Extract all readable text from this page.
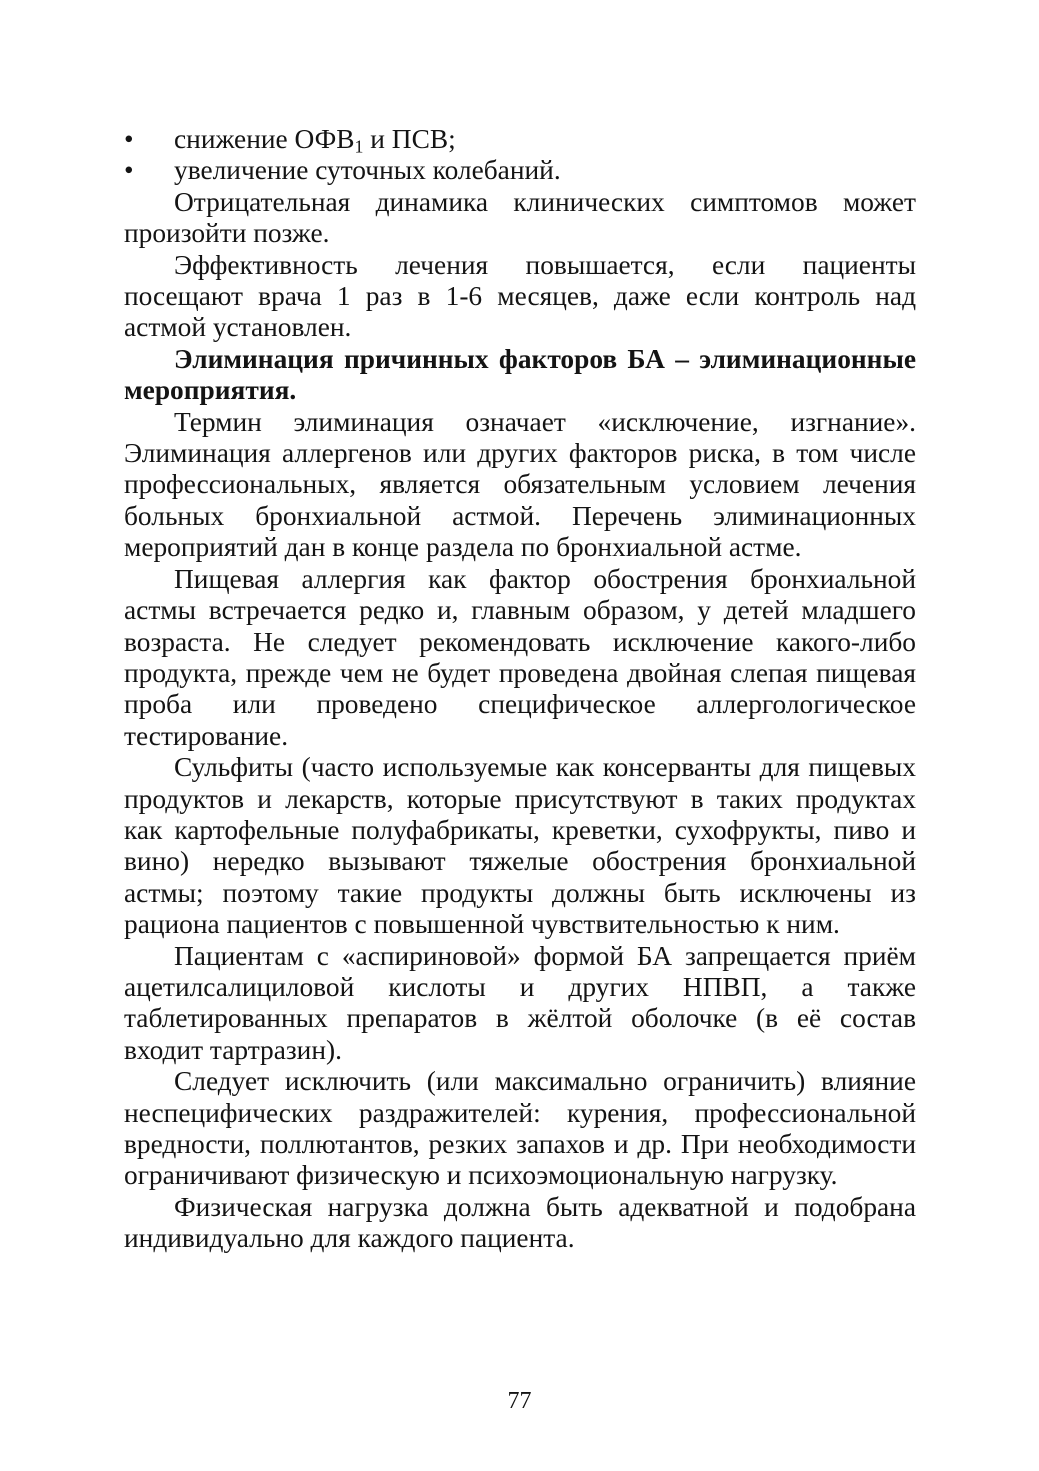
• снижение $ОФВ_1$ и ПСВ;
• увеличение суточных колебаний.

Отрицательная динамика клинических симптомов может произойти позже.

Эффективность лечения повышается, если пациенты посещают врача 1 раз в 1-6 месяцев, даже если контроль над астмой установлен.

Элиминация причинных факторов БА – элиминационные мероприятия.

Термин элиминация означает «исключение, изгнание». Элиминация аллергенов или других факторов риска, в том числе профессиональных, является обязательным условием лечения больных бронхиальной астмой. Перечень элиминационных мероприятий дан в конце раздела по бронхиальной астме.

Пищевая аллергия как фактор обострения бронхиальной астмы встречается редко и, главным образом, у детей младшего возраста. Не следует рекомендовать исключение какого-либо продукта, прежде чем не будет проведена двойная слепая пищевая проба или проведено специфическое аллергологическое тестирование.

Сульфиты (часто используемые как консерванты для пищевых продуктов и лекарств, которые присутствуют в таких продуктах как картофельные полуфабрикаты, креветки, сухофрукты, пиво и вино) нередко вызывают тяжелые обострения бронхиальной астмы; поэтому такие продукты должны быть исключены из рациона пациентов с повышенной чувствительностью к ним.

Пациентам с «аспириновой» формой БА запрещается приём ацетилсалициловой кислоты и других НПВП, а также таблетированных препаратов в жёлтой оболочке (в её состав входит тартразин).

Следует исключить (или максимально ограничить) влияние неспецифических раздражителей: курения, профессиональной вредности, поллютантов, резких запахов и др. При необходимости ограничивают физическую и психоэмоциональную нагрузку.

Физическая нагрузка должна быть адекватной и подобрана индивидуально для каждого пациента.

77
